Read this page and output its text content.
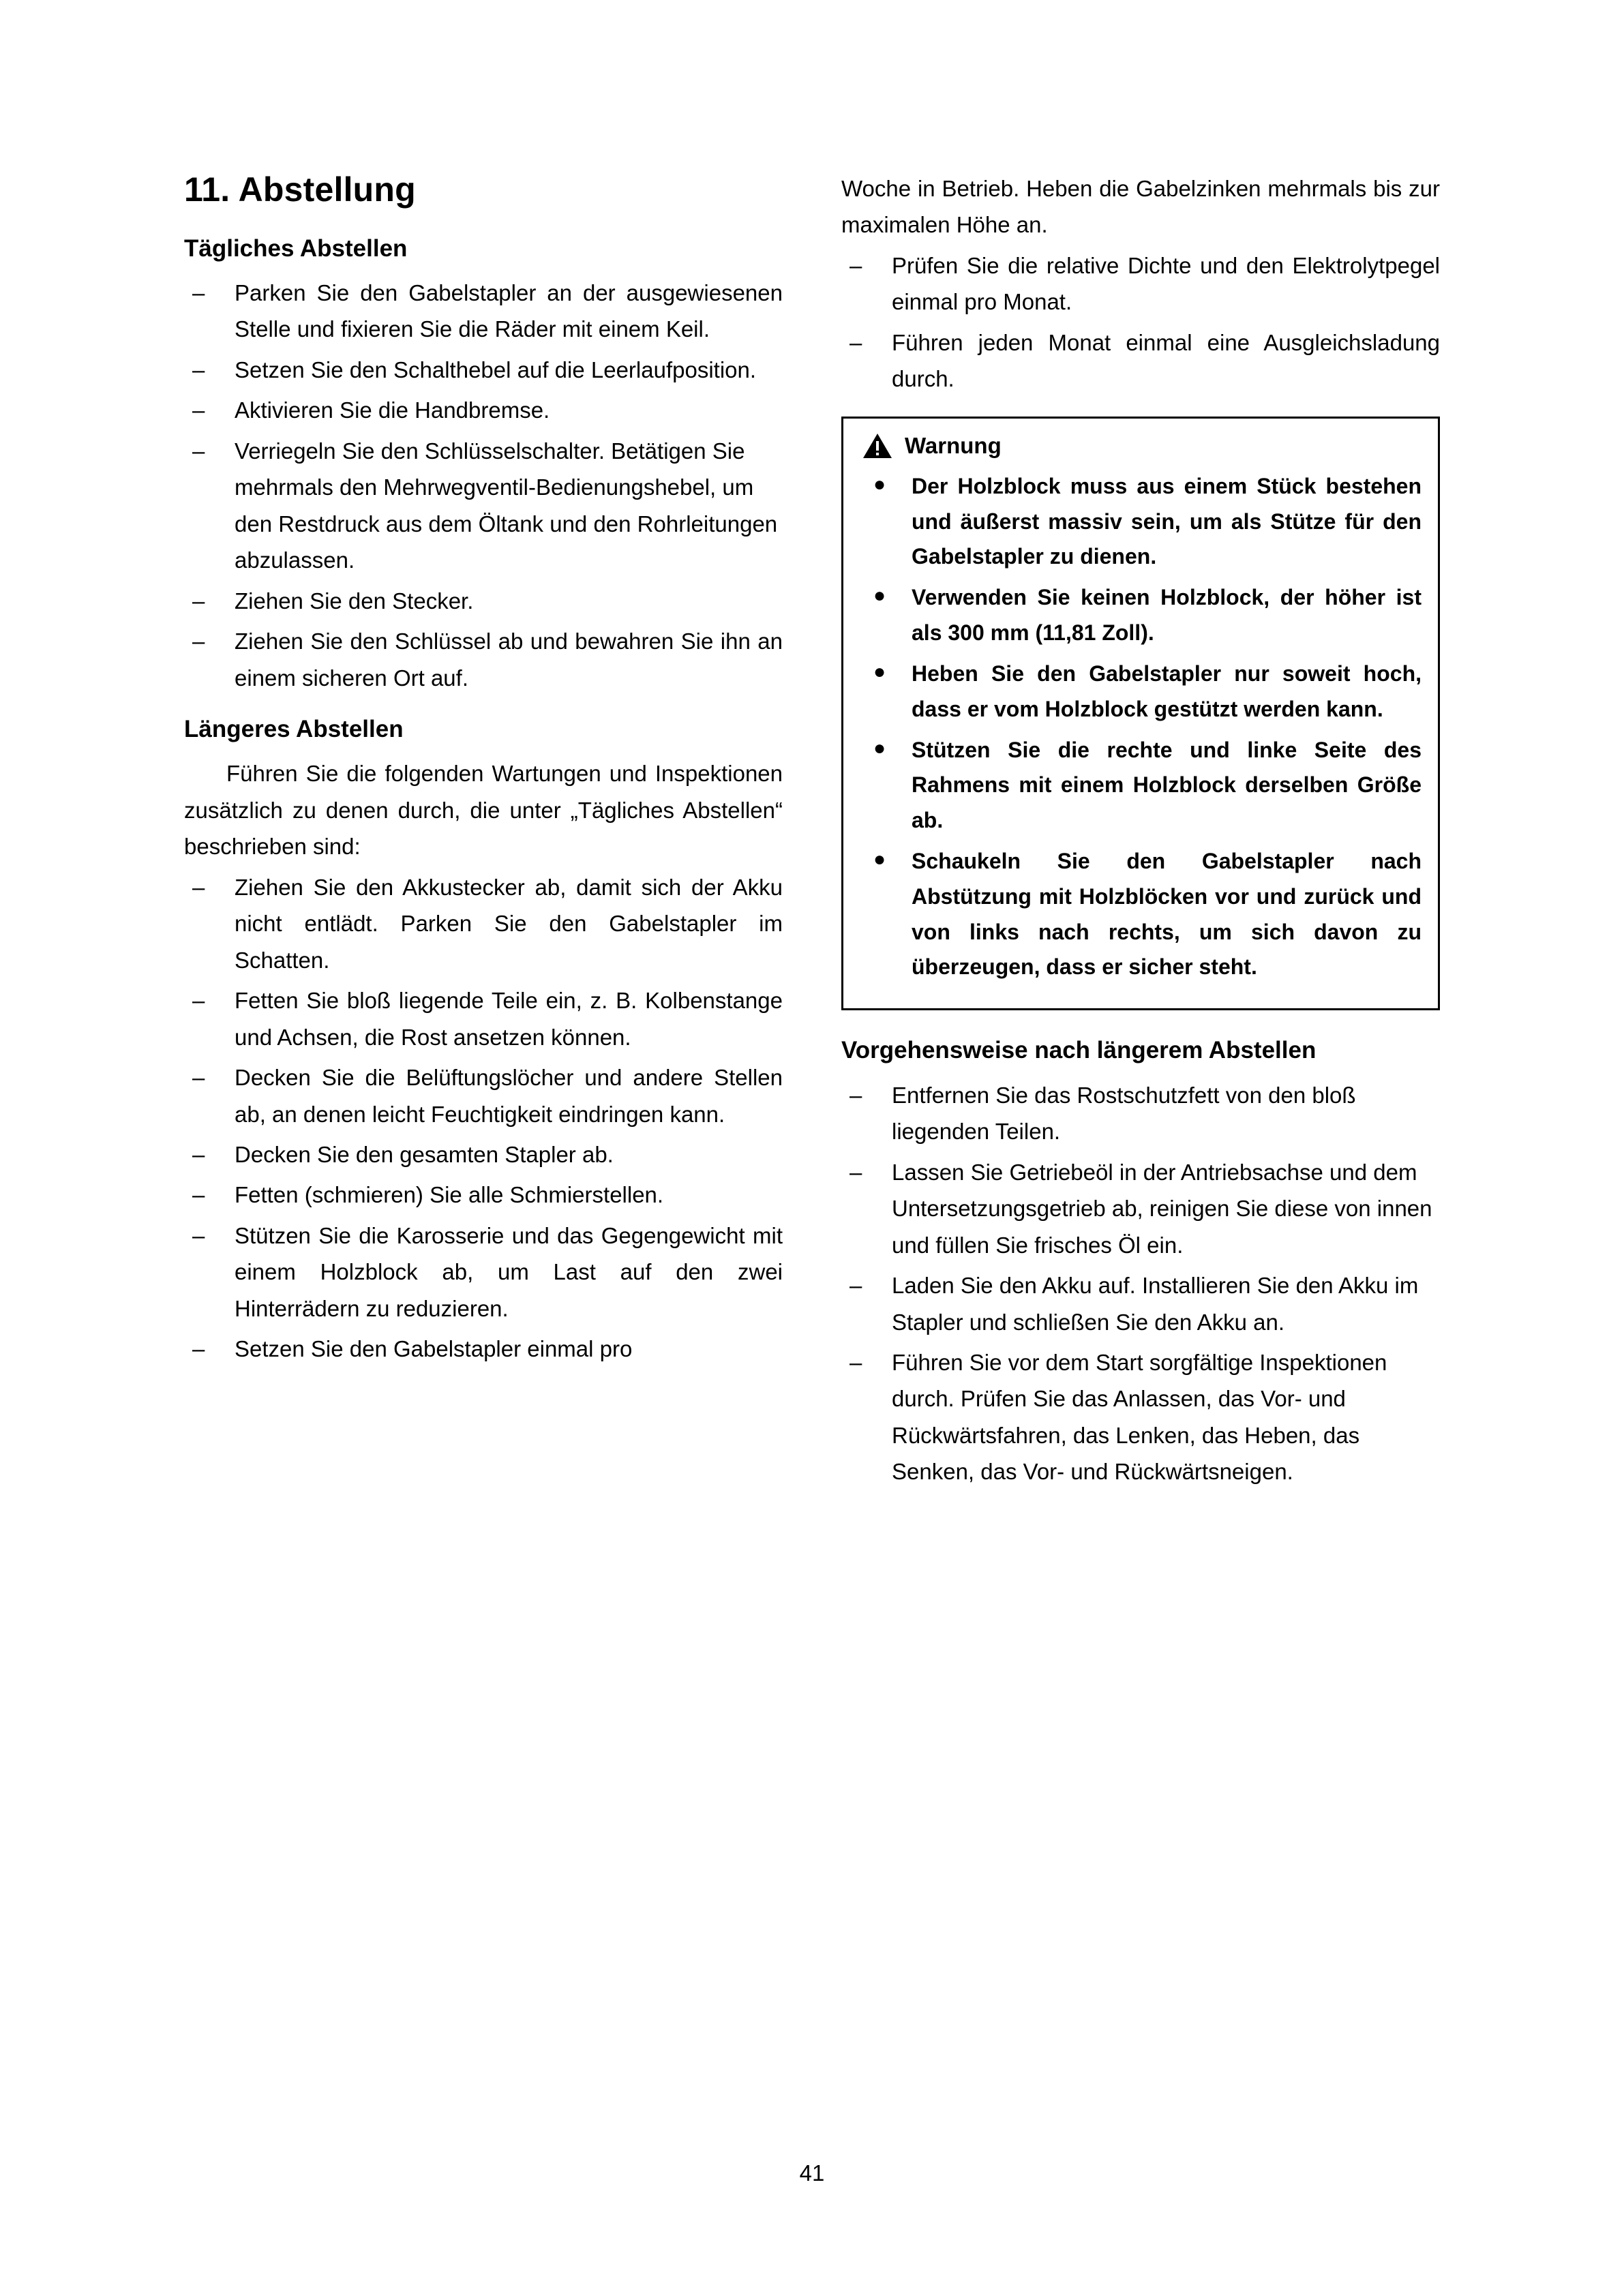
11. Abstellung
Tägliches Abstellen
– Parken Sie den Gabelstapler an der ausgewiesenen Stelle und fixieren Sie die Räder mit einem Keil.
– Setzen Sie den Schalthebel auf die Leerlaufposition.
– Aktivieren Sie die Handbremse.
– Verriegeln Sie den Schlüsselschalter. Betätigen Sie mehrmals den Mehrwegventil-Bedienungshebel, um den Restdruck aus dem Öltank und den Rohrleitungen abzulassen.
– Ziehen Sie den Stecker.
– Ziehen Sie den Schlüssel ab und bewahren Sie ihn an einem sicheren Ort auf.
Längeres Abstellen

Führen Sie die folgenden Wartungen und Inspektionen zusätzlich zu denen durch, die unter „Tägliches Abstellen“ beschrieben sind:

– Ziehen Sie den Akkustecker ab, damit sich der Akku nicht entlädt. Parken Sie den Gabelstapler im Schatten.
– Fetten Sie bloß liegende Teile ein, z. B. Kolbenstange und Achsen, die Rost ansetzen können.
– Decken Sie die Belüftungslöcher und andere Stellen ab, an denen leicht Feuchtigkeit eindringen kann.
– Decken Sie den gesamten Stapler ab.
– Fetten (schmieren) Sie alle Schmierstellen.
– Stützen Sie die Karosserie und das Gegengewicht mit einem Holzblock ab, um Last auf den zwei Hinterrädern zu reduzieren.
– Setzen Sie den Gabelstapler einmal pro

Woche in Betrieb. Heben die Gabelzinken mehrmals bis zur maximalen Höhe an.

– Prüfen Sie die relative Dichte und den Elektrolytpegel einmal pro Monat.
– Führen jeden Monat einmal eine Ausgleichsladung durch.
Warnung
● Der Holzblock muss aus einem Stück bestehen und äußerst massiv sein, um als Stütze für den Gabelstapler zu dienen.
● Verwenden Sie keinen Holzblock, der höher ist als 300 mm (11,81 Zoll).
● Heben Sie den Gabelstapler nur soweit hoch, dass er vom Holzblock gestützt werden kann.
● Stützen Sie die rechte und linke Seite des Rahmens mit einem Holzblock derselben Größe ab.
● Schaukeln Sie den Gabelstapler nach Abstützung mit Holzblöcken vor und zurück und von links nach rechts, um sich davon zu überzeugen, dass er sicher steht.
Vorgehensweise nach längerem Abstellen
– Entfernen Sie das Rostschutzfett von den bloß liegenden Teilen.
– Lassen Sie Getriebeöl in der Antriebsachse und dem Untersetzungsgetrieb ab, reinigen Sie diese von innen und füllen Sie frisches Öl ein.
– Laden Sie den Akku auf. Installieren Sie den Akku im Stapler und schließen Sie den Akku an.
– Führen Sie vor dem Start sorgfältige Inspektionen durch. Prüfen Sie das Anlassen, das Vor- und Rückwärtsfahren, das Lenken, das Heben, das Senken, das Vor- und Rückwärtsneigen.
41
